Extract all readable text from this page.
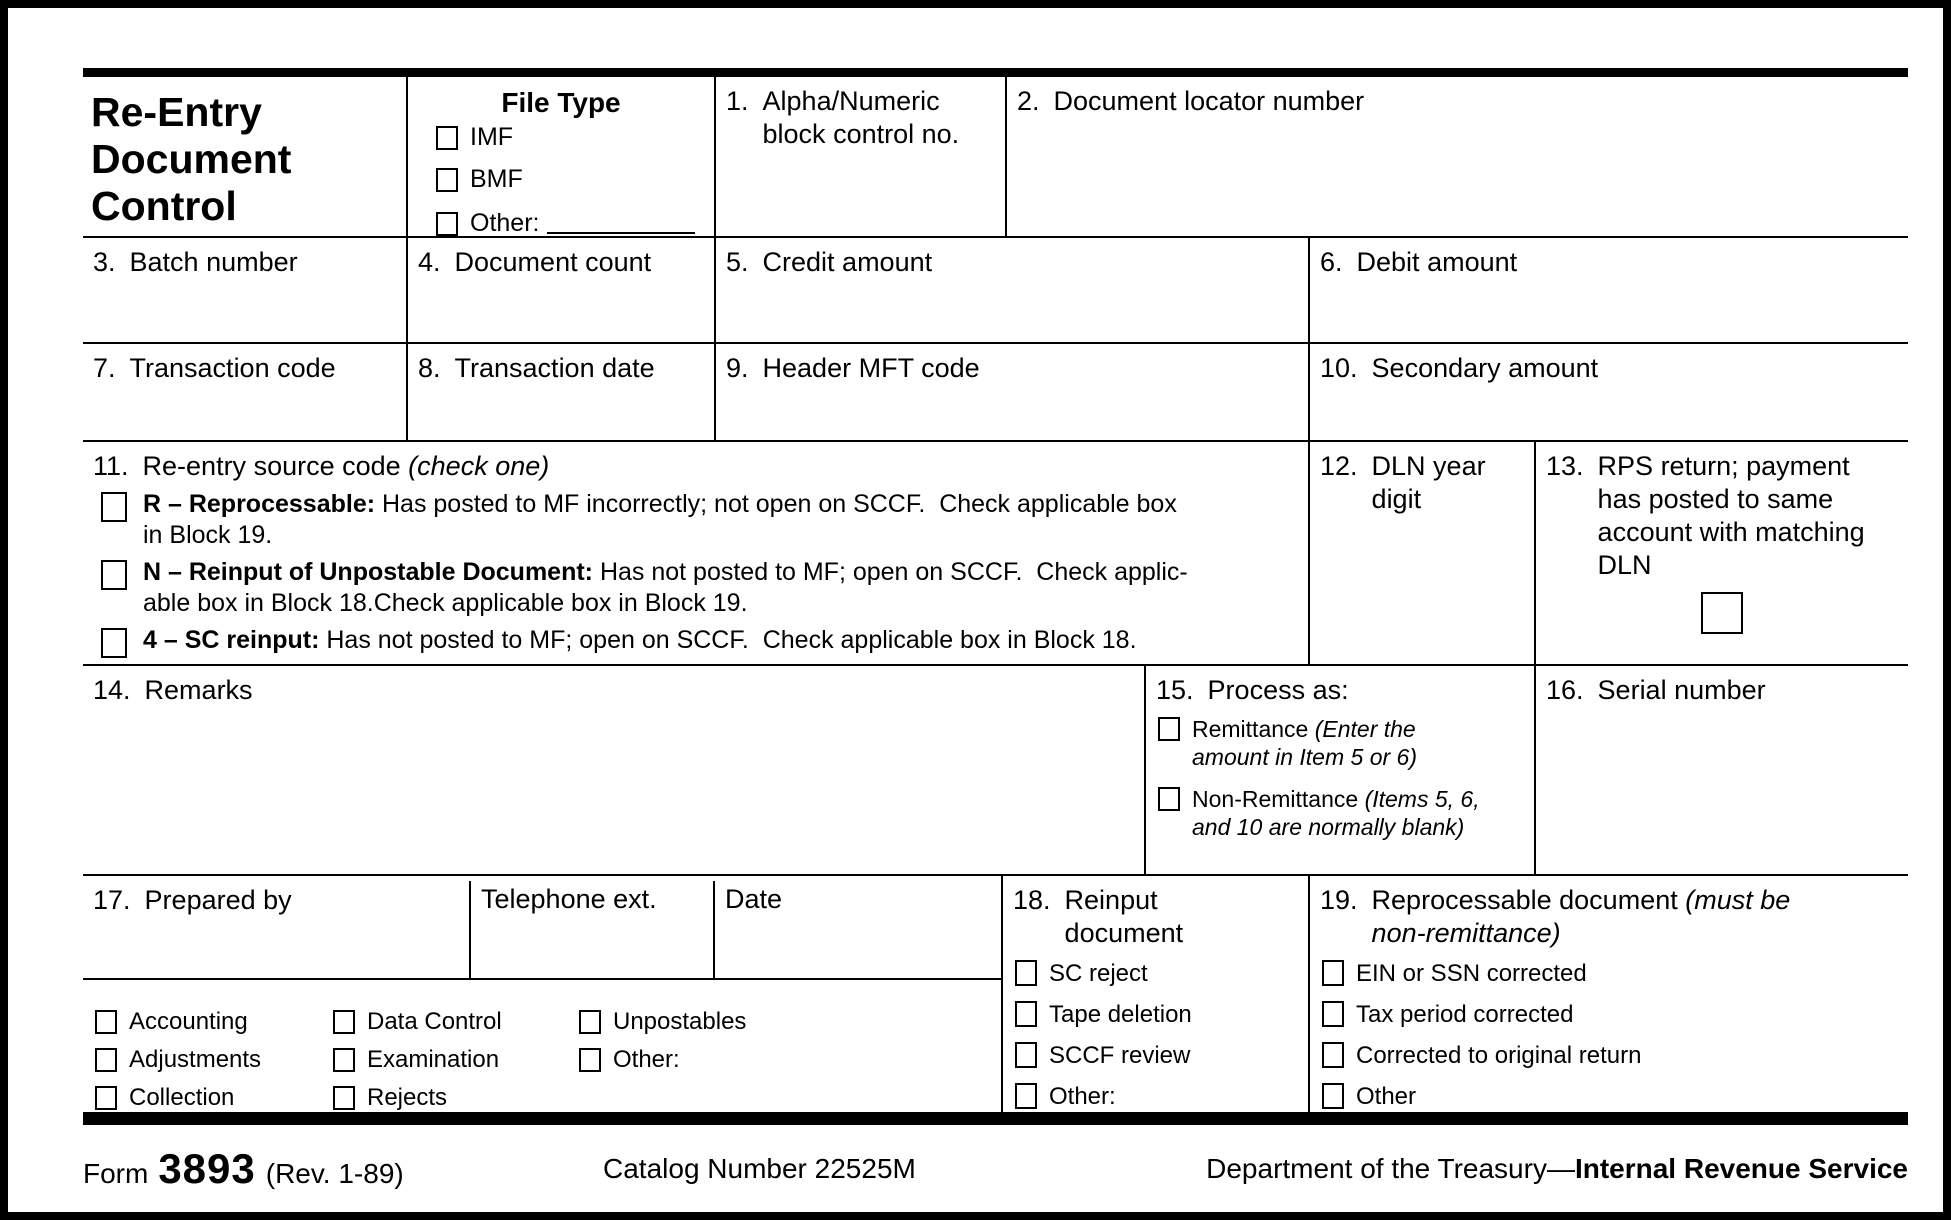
Re-Entry Document Control
File Type
IMF
BMF
Other:
1. Alpha/Numeric block control no.
2. Document locator number
3. Batch number	4. Document count	5. Credit amount	6. Debit amount
7. Transaction code	8. Transaction date	9. Header MFT code	10. Secondary amount
11. Re-entry source code (check one)
R – Reprocessable: Has posted to MF incorrectly; not open on SCCF.  Check applicable box
in Block 19.
N – Reinput of Unpostable Document: Has not posted to MF; open on SCCF.  Check applic-
able box in Block 18.Check applicable box in Block 19.
4 – SC reinput: Has not posted to MF; open on SCCF.  Check applicable box in Block 18.
12. DLN year digit
13. RPS return; payment has posted to same account with matching DLN
14. Remarks	15. Process as:
Remittance (Enter the
amount in Item 5 or 6)
Non-Remittance (Items 5, 6,
and 10 are normally blank)
16. Serial number
17. Prepared by	Telephone ext.	Date
Accounting
Adjustments
Collection
Data Control
Examination
Rejects
Unpostables
Other:
18. Reinput document
SC reject
Tape deletion
SCCF review
Other:
19. Reprocessable document (must be non-remittance)
EIN or SSN corrected
Tax period corrected
Corrected to original return
Other
Form 3893 (Rev. 1-89)	Catalog Number 22525M	Department of the Treasury—Internal Revenue Service
